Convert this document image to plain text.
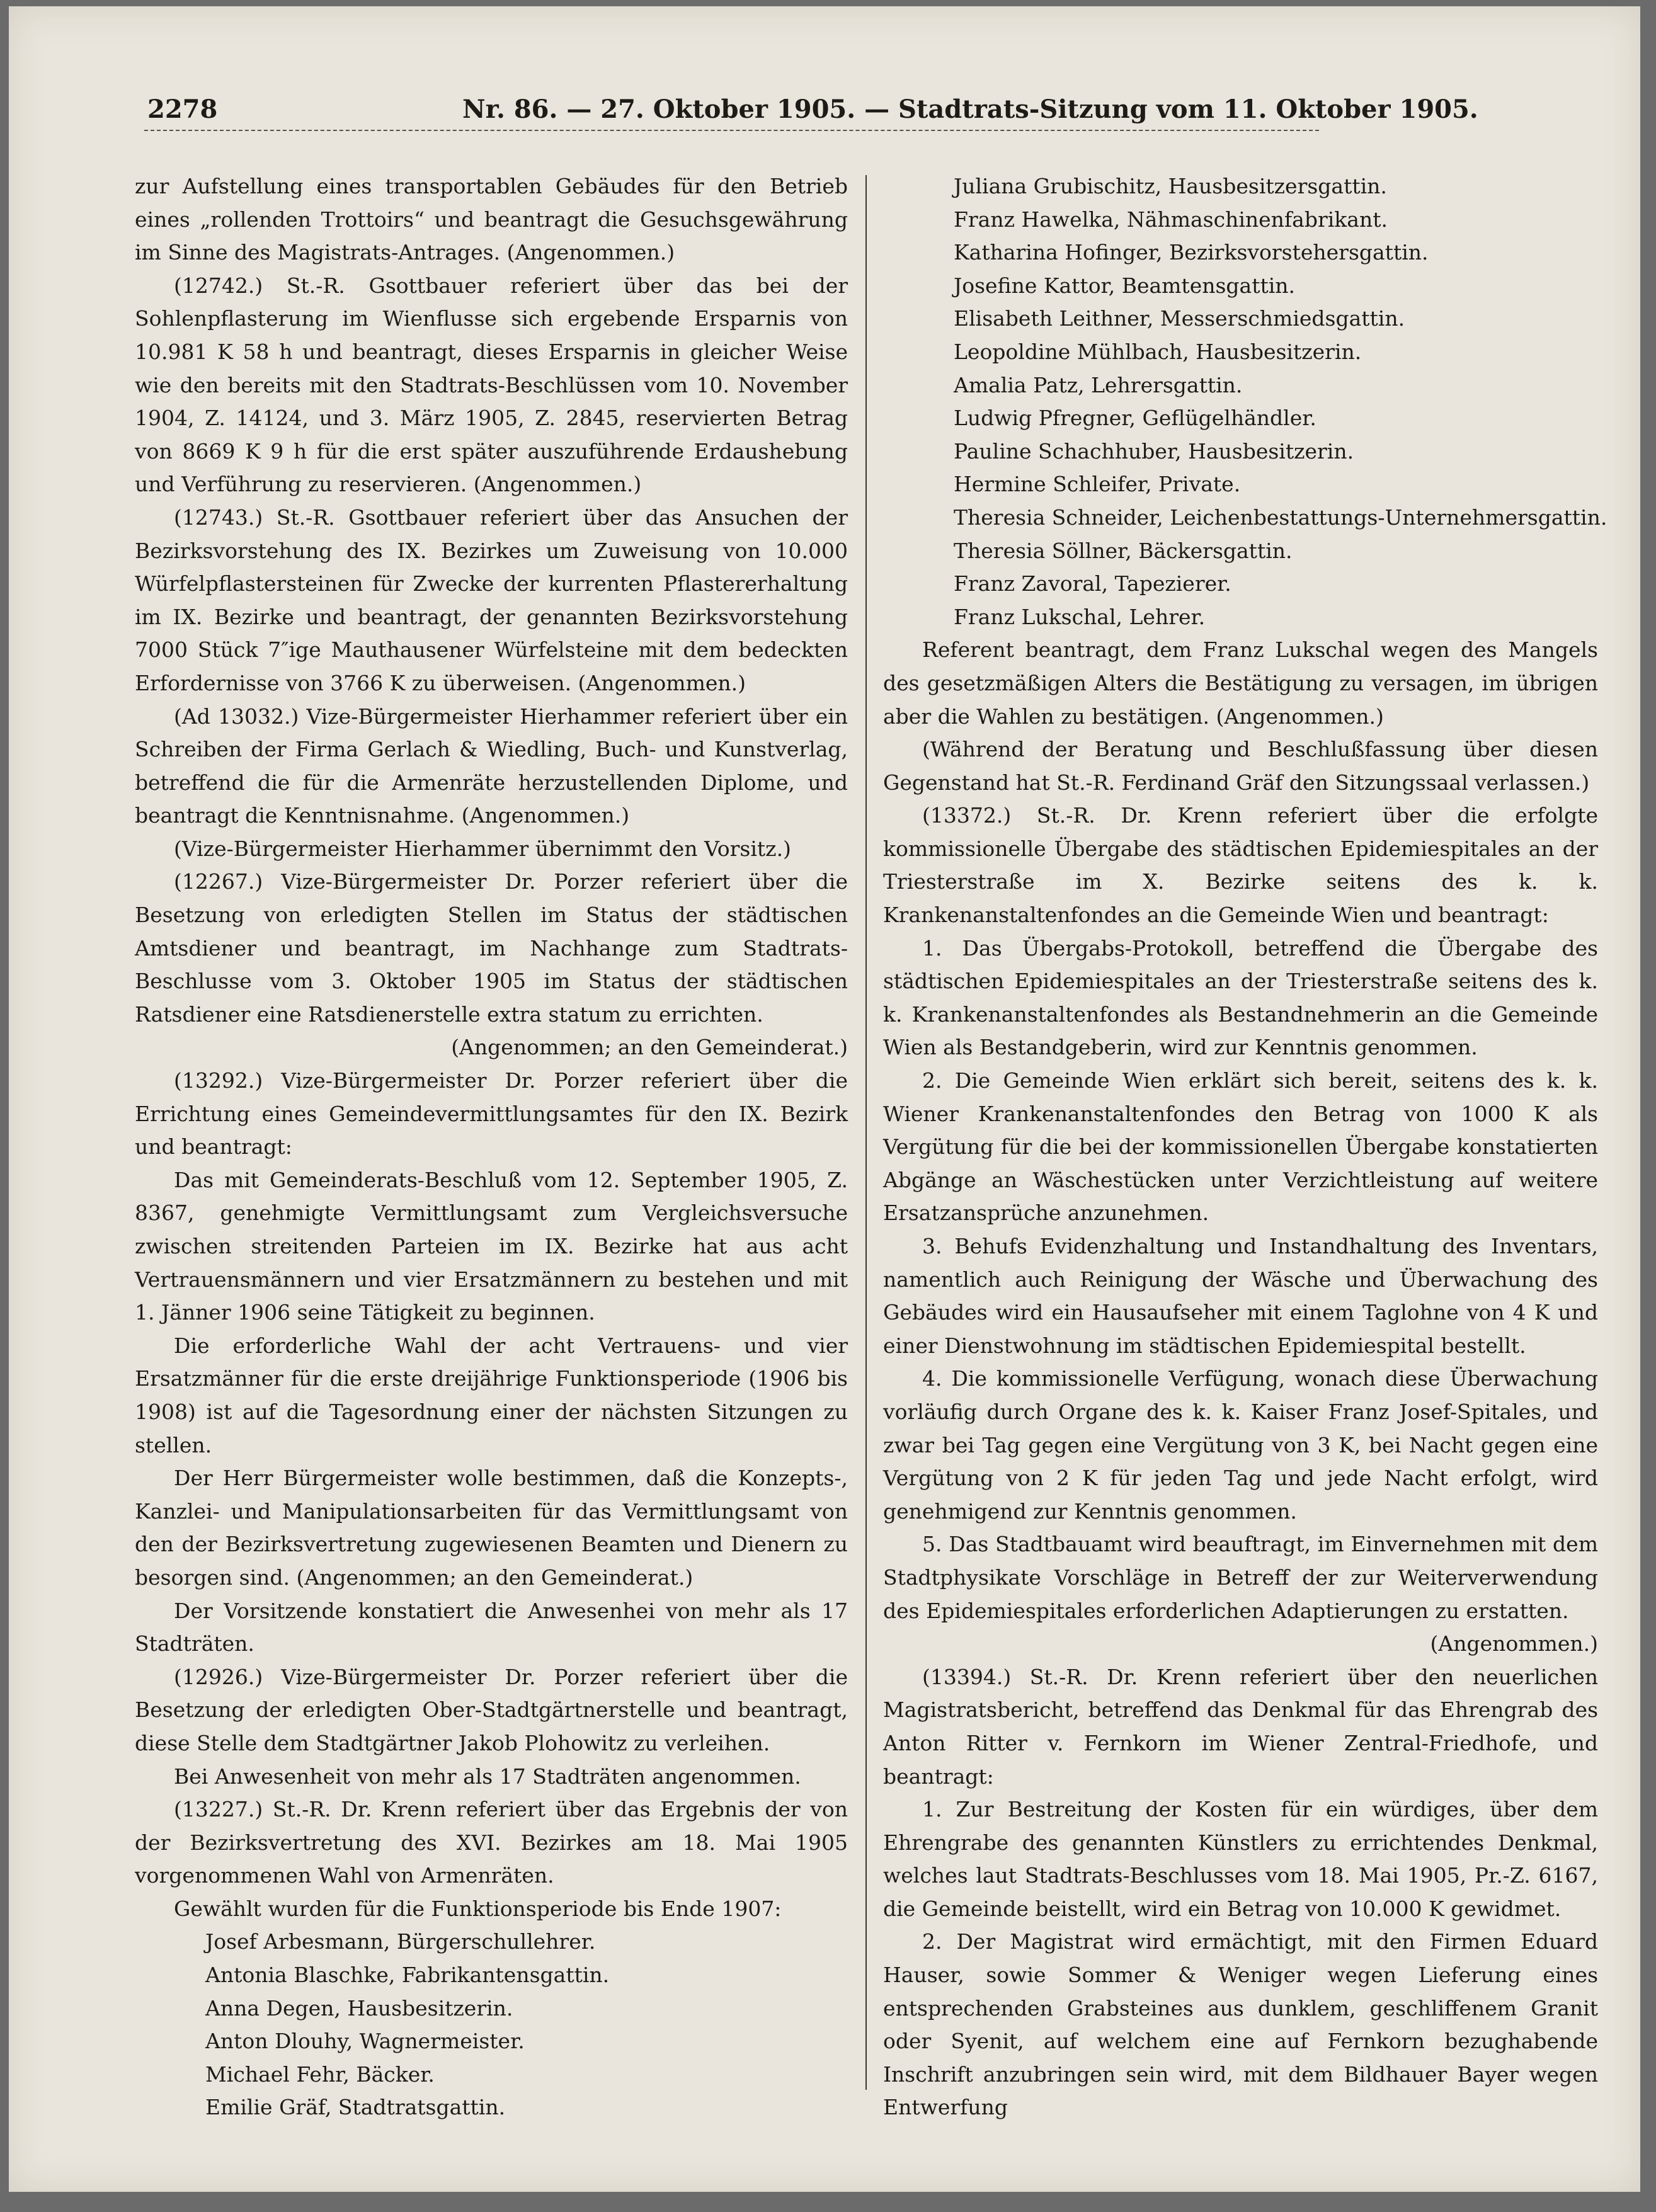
2278	Nr. 86. — 27. Oktober 1905. — Stadtrats-Sitzung vom 11. Oktober 1905.

zur Aufstellung eines transportablen Gebäudes für den Betrieb eines „rollenden Trottoirs“ und beantragt die Gesuchsgewährung im Sinne des Magistrats-Antrages. (Angenommen.)

(12742.) St.-R. Gsottbauer referiert über das bei der Sohlenpflasterung im Wienflusse sich ergebende Ersparnis von 10.981 K 58 h und beantragt, dieses Ersparnis in gleicher Weise wie den bereits mit den Stadtrats-Beschlüssen vom 10. November 1904, Z. 14124, und 3. März 1905, Z. 2845, reservierten Betrag von 8669 K 9 h für die erst später auszuführende Erdaushebung und Verführung zu reservieren. (Angenommen.)

(12743.) St.-R. Gsottbauer referiert über das Ansuchen der Bezirksvorstehung des IX. Bezirkes um Zuweisung von 10.000 Würfelpflastersteinen für Zwecke der kurrenten Pflastererhaltung im IX. Bezirke und beantragt, der genannten Bezirksvorstehung 7000 Stück 7″ige Mauthausener Würfelsteine mit dem bedeckten Erfordernisse von 3766 K zu überweisen. (Angenommen.)

(Ad 13032.) Vize-Bürgermeister Hierhammer referiert über ein Schreiben der Firma Gerlach & Wiedling, Buch- und Kunstverlag, betreffend die für die Armenräte herzustellenden Diplome, und beantragt die Kenntnisnahme. (Angenommen.)

(Vize-Bürgermeister Hierhammer übernimmt den Vorsitz.)

(12267.) Vize-Bürgermeister Dr. Porzer referiert über die Besetzung von erledigten Stellen im Status der städtischen Amtsdiener und beantragt, im Nachhange zum Stadtrats-Beschlusse vom 3. Oktober 1905 im Status der städtischen Ratsdiener eine Ratsdienerstelle extra statum zu errichten.

(Angenommen; an den Gemeinderat.)

(13292.) Vize-Bürgermeister Dr. Porzer referiert über die Errichtung eines Gemeindevermittlungsamtes für den IX. Bezirk und beantragt:

Das mit Gemeinderats-Beschluß vom 12. September 1905, Z. 8367, genehmigte Vermittlungsamt zum Vergleichsversuche zwischen streitenden Parteien im IX. Bezirke hat aus acht Vertrauensmännern und vier Ersatzmännern zu bestehen und mit 1. Jänner 1906 seine Tätigkeit zu beginnen.

Die erforderliche Wahl der acht Vertrauens- und vier Ersatzmänner für die erste dreijährige Funktionsperiode (1906 bis 1908) ist auf die Tagesordnung einer der nächsten Sitzungen zu stellen.

Der Herr Bürgermeister wolle bestimmen, daß die Konzepts-, Kanzlei- und Manipulationsarbeiten für das Vermittlungsamt von den der Bezirksvertretung zugewiesenen Beamten und Dienern zu besorgen sind. (Angenommen; an den Gemeinderat.)

Der Vorsitzende konstatiert die Anwesenhei von mehr als 17 Stadträten.

(12926.) Vize-Bürgermeister Dr. Porzer referiert über die Besetzung der erledigten Ober-Stadtgärtnerstelle und beantragt, diese Stelle dem Stadtgärtner Jakob Plohowitz zu verleihen.

Bei Anwesenheit von mehr als 17 Stadträten angenommen.

(13227.) St.-R. Dr. Krenn referiert über das Ergebnis der von der Bezirksvertretung des XVI. Bezirkes am 18. Mai 1905 vorgenommenen Wahl von Armenräten.

Gewählt wurden für die Funktionsperiode bis Ende 1907:

Josef Arbesmann, Bürgerschullehrer.

Antonia Blaschke, Fabrikantensgattin.

Anna Degen, Hausbesitzerin.

Anton Dlouhy, Wagnermeister.

Michael Fehr, Bäcker.

Emilie Gräf, Stadtratsgattin.

Juliana Grubischitz, Hausbesitzersgattin.

Franz Hawelka, Nähmaschinenfabrikant.

Katharina Hofinger, Bezirksvorstehersgattin.

Josefine Kattor, Beamtensgattin.

Elisabeth Leithner, Messerschmiedsgattin.

Leopoldine Mühlbach, Hausbesitzerin.

Amalia Patz, Lehrersgattin.

Ludwig Pfregner, Geflügelhändler.

Pauline Schachhuber, Hausbesitzerin.

Hermine Schleifer, Private.

Theresia Schneider, Leichenbestattungs-Unternehmersgattin.

Theresia Söllner, Bäckersgattin.

Franz Zavoral, Tapezierer.

Franz Lukschal, Lehrer.

Referent beantragt, dem Franz Lukschal wegen des Mangels des gesetzmäßigen Alters die Bestätigung zu versagen, im übrigen aber die Wahlen zu bestätigen. (Angenommen.)

(Während der Beratung und Beschlußfassung über diesen Gegenstand hat St.-R. Ferdinand Gräf den Sitzungssaal verlassen.)

(13372.) St.-R. Dr. Krenn referiert über die erfolgte kommissionelle Übergabe des städtischen Epidemiespitales an der Triesterstraße im X. Bezirke seitens des k. k. Krankenanstaltenfondes an die Gemeinde Wien und beantragt:

1. Das Übergabs-Protokoll, betreffend die Übergabe des städtischen Epidemiespitales an der Triesterstraße seitens des k. k. Krankenanstaltenfondes als Bestandnehmerin an die Gemeinde Wien als Bestandgeberin, wird zur Kenntnis genommen.

2. Die Gemeinde Wien erklärt sich bereit, seitens des k. k. Wiener Krankenanstaltenfondes den Betrag von 1000 K als Vergütung für die bei der kommissionellen Übergabe konstatierten Abgänge an Wäschestücken unter Verzichtleistung auf weitere Ersatzansprüche anzunehmen.

3. Behufs Evidenzhaltung und Instandhaltung des Inventars, namentlich auch Reinigung der Wäsche und Überwachung des Gebäudes wird ein Hausaufseher mit einem Taglohne von 4 K und einer Dienstwohnung im städtischen Epidemiespital bestellt.

4. Die kommissionelle Verfügung, wonach diese Überwachung vorläufig durch Organe des k. k. Kaiser Franz Josef-Spitales, und zwar bei Tag gegen eine Vergütung von 3 K, bei Nacht gegen eine Vergütung von 2 K für jeden Tag und jede Nacht erfolgt, wird genehmigend zur Kenntnis genommen.

5. Das Stadtbauamt wird beauftragt, im Einvernehmen mit dem Stadtphysikate Vorschläge in Betreff der zur Weiterverwendung des Epidemiespitales erforderlichen Adaptierungen zu erstatten.

(Angenommen.)

(13394.) St.-R. Dr. Krenn referiert über den neuerlichen Magistratsbericht, betreffend das Denkmal für das Ehrengrab des Anton Ritter v. Fernkorn im Wiener Zentral-Friedhofe, und beantragt:

1. Zur Bestreitung der Kosten für ein würdiges, über dem Ehrengrabe des genannten Künstlers zu errichtendes Denkmal, welches laut Stadtrats-Beschlusses vom 18. Mai 1905, Pr.-Z. 6167, die Gemeinde beistellt, wird ein Betrag von 10.000 K gewidmet.

2. Der Magistrat wird ermächtigt, mit den Firmen Eduard Hauser, sowie Sommer & Weniger wegen Lieferung eines entsprechenden Grabsteines aus dunklem, geschliffenem Granit oder Syenit, auf welchem eine auf Fernkorn bezughabende Inschrift anzubringen sein wird, mit dem Bildhauer Bayer wegen Entwerfung
